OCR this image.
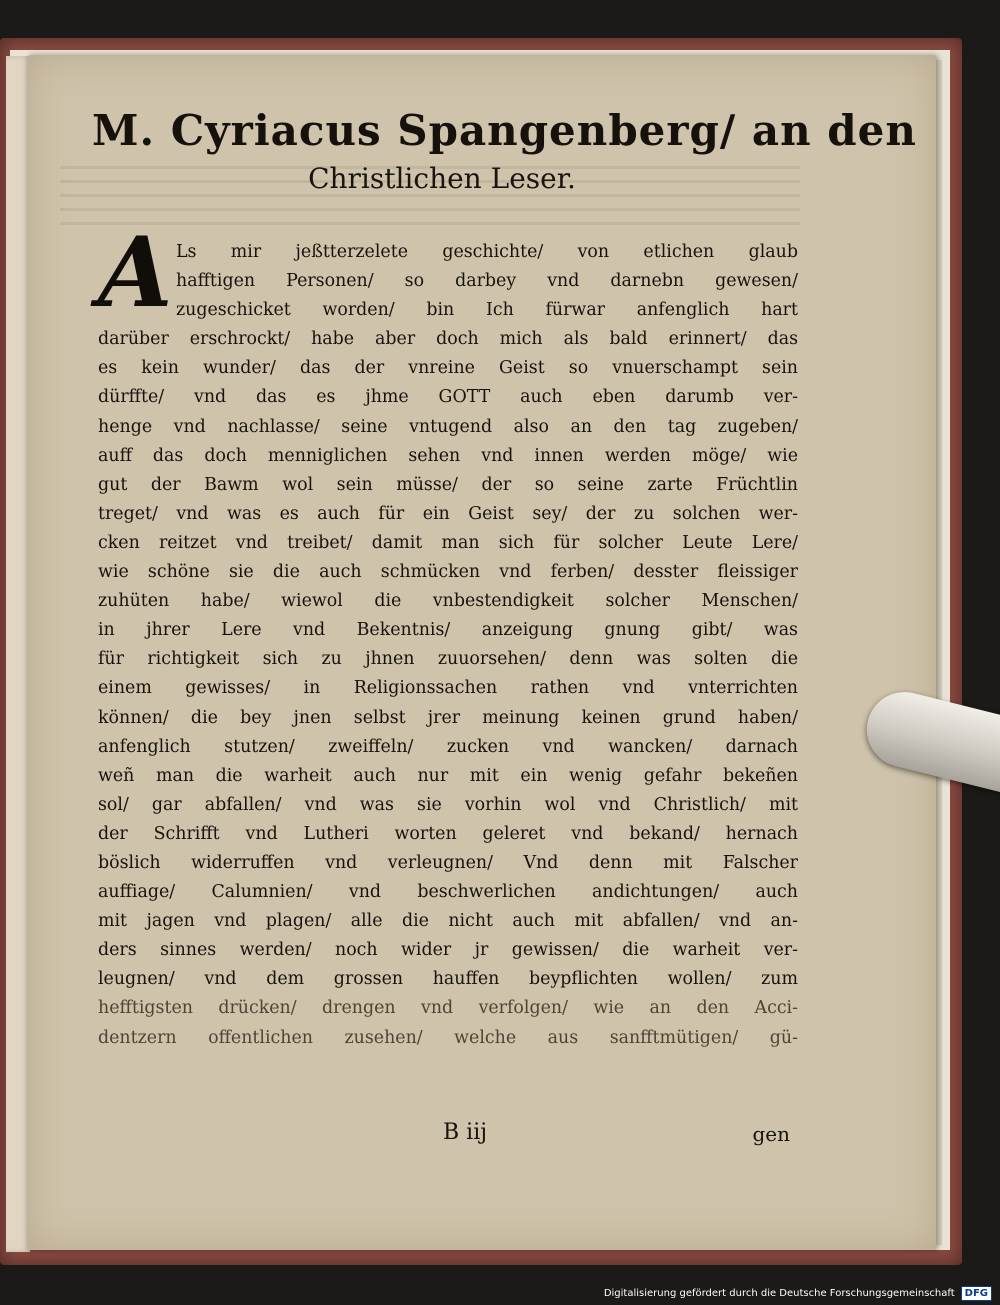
M. Cyriacus Spangenberg/ an den
Christlichen Leser.
A Ls mir jeßtterzelete geschichte/ von etlichen glaub
hafftigen Personen/ so darbey vnd darnebn gewesen/
zugeschicket worden/ bin Ich fürwar anfenglich hart
darüber erschrockt/ habe aber doch mich als bald erinnert/ das
es kein wunder/ das der vnreine Geist so vnuerschampt sein
dürffte/ vnd das es jhme GOTT auch eben darumb ver-
henge vnd nachlasse/ seine vntugend also an den tag zugeben/
auff das doch menniglichen sehen vnd innen werden möge/ wie
gut der Bawm wol sein müsse/ der so seine zarte Früchtlin
treget/ vnd was es auch für ein Geist sey/ der zu solchen wer-
cken reitzet vnd treibet/ damit man sich für solcher Leute Lere/
wie schöne sie die auch schmücken vnd ferben/ desster fleissiger
zuhüten habe/ wiewol die vnbestendigkeit solcher Menschen/
in jhrer Lere vnd Bekentnis/ anzeigung gnung gibt/ was
für richtigkeit sich zu jhnen zuuorsehen/ denn was solten die
einem gewisses/ in Religionssachen rathen vnd vnterrichten
können/ die bey jnen selbst jrer meinung keinen grund haben/
anfenglich stutzen/ zweiffeln/ zucken vnd wancken/ darnach
weñ man die warheit auch nur mit ein wenig gefahr bekeñen
sol/ gar abfallen/ vnd was sie vorhin wol vnd Christlich/ mit
der Schrifft vnd Lutheri worten geleret vnd bekand/ hernach
böslich widerruffen vnd verleugnen/ Vnd denn mit Falscher
auffiage/ Calumnien/ vnd beschwerlichen andichtungen/ auch
mit jagen vnd plagen/ alle die nicht auch mit abfallen/ vnd an-
ders sinnes werden/ noch wider jr gewissen/ die warheit ver-
leugnen/ vnd dem grossen hauffen beypflichten wollen/ zum
hefftigsten drücken/ drengen vnd verfolgen/ wie an den Acci-
dentzern offentlichen zusehen/ welche aus sanfftmütigen/ gü-
B iij	gen
Digitalisierung gefördert durch die Deutsche Forschungsgemeinschaft	DFG
